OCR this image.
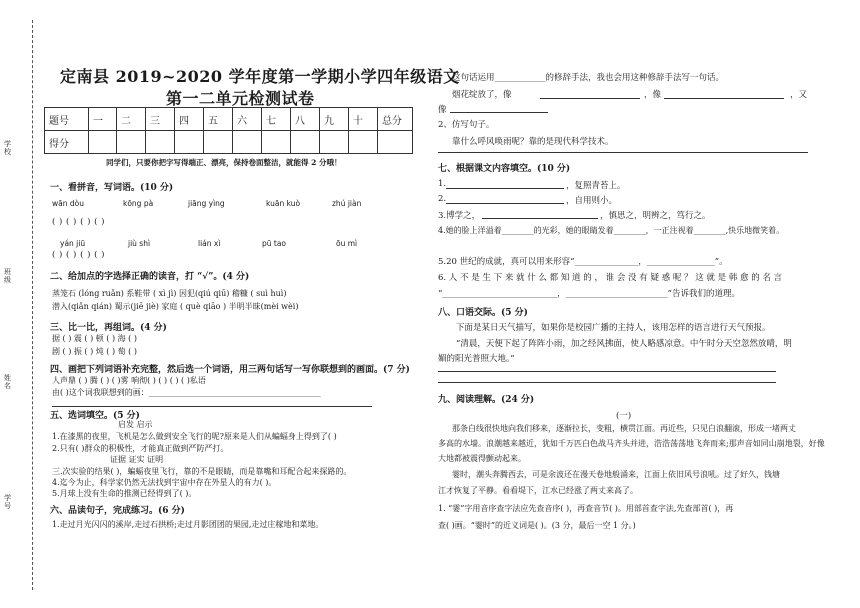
学校
班级
姓名
学号
定南县 2019~2020 学年度第一学期小学四年级语文
第一二单元检测试卷
题号	一	二	三	四	五	六	七	八	九	十	总分
得分											
同学们，只要你把字写得端正、漂亮，保持卷面整洁，就能得 2 分哦！
一、看拼音，写词语。(10 分)
wān dòu	kōng pà	jiāng yìng	kuān kuò	zhú jiàn
( ) ( ) ( ) ( )
yán jiū	jiù shì	lián xì	pū tao	ōu mì
( ) ( ) ( ) ( )
二、给加点的字选择正确的读音，打 “√”。(4 分)
蒸笼石 (lóng ruǎn) 系鞋带 ( xì jì) 因犯(qiú qiū) 稽糠 ( suì huì)
潜入(qiǎn qián) 蜀示(jiē jiè) 家庭 ( què qiāo ) 半明半昧(mèi wèi)
三、比一比，再组词。(4 分)
据 ( ) 震 ( ) 顿 ( ) 海 ( )
剧 ( ) 振 ( ) 炖 ( ) 萄 ( )
四、画把下列词语补充完整，然后选一个词语，用三两句话写一写你联想到的画面。(7 分)
人声鼎 ( ) 腾 ( ) ( )雾 响彻( ) ( ) ( ) ( )私语
由( )这个词我联想到的画：___________________________________________
五、选词填空。(5 分)
启发 启示
1.在漆黑的夜里，飞机是怎么做到安全飞行的呢?原来是人们从蝙蝠身上得到了( )
2.只有( )群众的积极性，才能真正做到严防严打。
证据 证实 证明
三.次实验的结果( )，蝙蝠夜里飞行，靠的不是眼睛，而是靠嘴和耳配合起来探路的。
4.迄今为止，科学家仍然无法找到宇宙中存在外星人的有力( )。
5.月球上没有生命的推测已经得到了( )。
六、品读句子，完成练习。(6 分)
1.走过月光闪闪的溪岸,走过石拱桥;走过月影团团的果园,走过庄稼地和菜地。
这句话运用____________的修辞手法，我也会用这种修辞手法写一句话。
烟花绽放了，像	，像	，又
像
2、仿写句子。
靠什么呼风唤雨呢？靠的是现代科学技术。
七、根据课文内容填空。(10 分)
1.	，复照青苔上。
2.	，自用则小。
3.博学之，	，慎思之，明辨之，笃行之。
4.她的脸上洋溢着________的光彩，她的眼睛发着________，一正注视着________,快乐地微笑着。
5.20 世纪的成就，真可以用来形容“_______________，________________”。
6. 人 不 是 生 下 来 就 什 么 都 知 道 的 ， 谁 会 没 有 疑 惑 呢 ？ 这 就 是 韩 愈 的 名 言
“___________________________，________________________”告诉我们的道理。
八、口语交际。(5 分)
下面是某日天气描写，如果你是校园广播的主持人，该用怎样的语言进行天气预报。
“清晨，天便下起了阵阵小雨，加之经风拂面，使人略感凉意。中午时分天空忽然放晴，明
媚的阳光普照大地。”
九、阅读理解。(24 分)
(一)
那条白线很快地向我们移来，逐渐拉长，变粗，横贯江面。再近些，只见白浪翻滚，形成一堵两丈
多高的水墙。浪潮越来越近，犹如千万匹白色战马齐头并进，浩浩荡荡地飞奔而来;那声音如同山崩地裂，好像
大地都被震得颤动起来。
霎时，潮头奔腾西去，可是余波还在漫天卷地般涌来，江面上依旧风号浪吼。过了好久，钱塘
江才恢复了平静。看看堤下，江水已经涨了两丈来高了。
1. “霎”字用音序查字法应先查音序( )，再查音节( )。用部首查字法,先查部首( )，再
查( )画。“霎时”的近义词是( )。(3 分，最后一空 1 分。)
